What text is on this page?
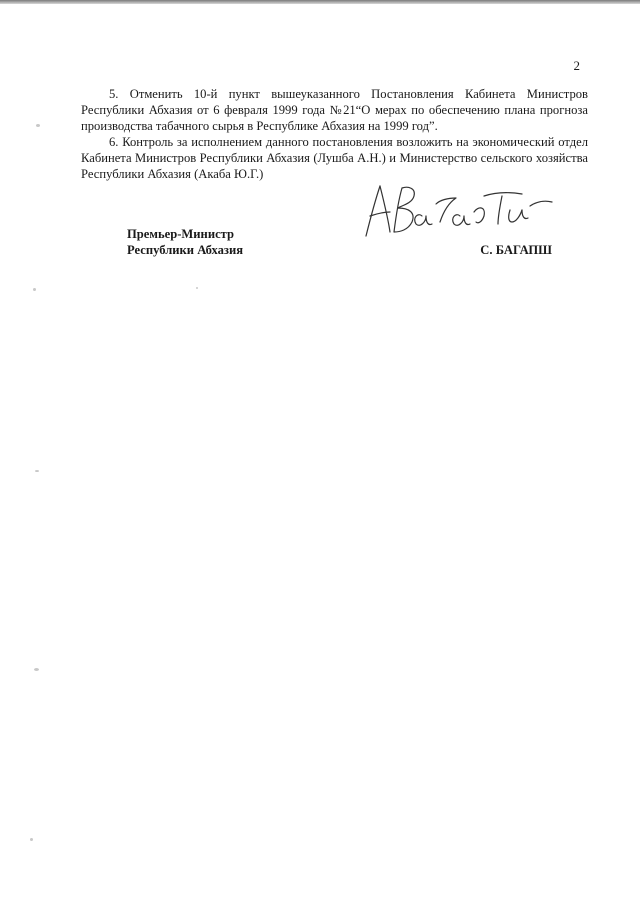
2

5. Отменить 10-й пункт вышеуказанного Постановления Кабинета Министров Республики Абхазия от 6 февраля 1999 года №21“О мерах по обеспечению плана прогноза производства табачного сырья в Республике Абхазия на 1999 год”.

6. Контроль за исполнением данного постановления возложить на экономический отдел Кабинета Министров Республики Абхазия (Лушба А.Н.) и Министерство сельского хозяйства Республики Абхазия (Акаба Ю.Г.)

Премьер-Министр
Республики Абхазия	С. БАГАПШ
